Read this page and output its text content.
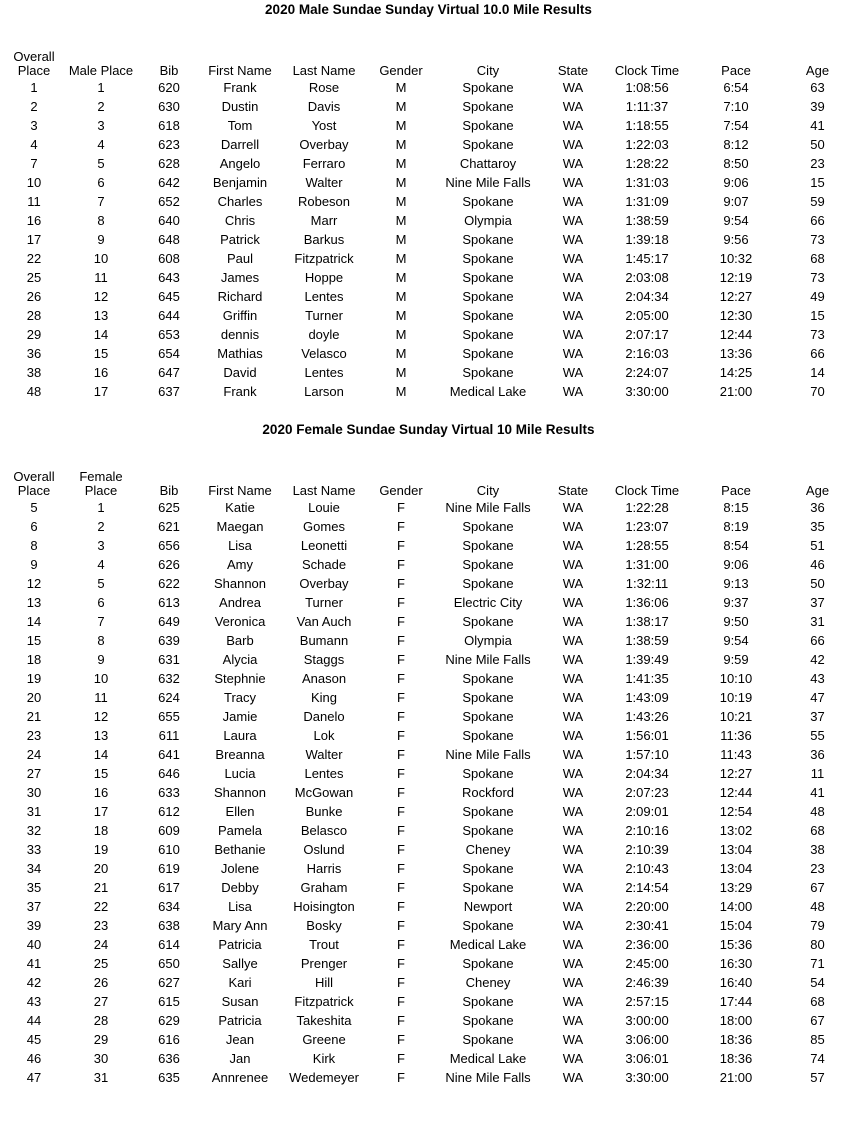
2020 Male Sundae Sunday Virtual 10.0 Mile Results
Overall Place	Male Place	Bib	First Name	Last Name	Gender	City	State	Clock Time	Pace	Age
1	1	620	Frank	Rose	M	Spokane	WA	1:08:56	6:54	63
2	2	630	Dustin	Davis	M	Spokane	WA	1:11:37	7:10	39
3	3	618	Tom	Yost	M	Spokane	WA	1:18:55	7:54	41
4	4	623	Darrell	Overbay	M	Spokane	WA	1:22:03	8:12	50
7	5	628	Angelo	Ferraro	M	Chattaroy	WA	1:28:22	8:50	23
10	6	642	Benjamin	Walter	M	Nine Mile Falls	WA	1:31:03	9:06	15
11	7	652	Charles	Robeson	M	Spokane	WA	1:31:09	9:07	59
16	8	640	Chris	Marr	M	Olympia	WA	1:38:59	9:54	66
17	9	648	Patrick	Barkus	M	Spokane	WA	1:39:18	9:56	73
22	10	608	Paul	Fitzpatrick	M	Spokane	WA	1:45:17	10:32	68
25	11	643	James	Hoppe	M	Spokane	WA	2:03:08	12:19	73
26	12	645	Richard	Lentes	M	Spokane	WA	2:04:34	12:27	49
28	13	644	Griffin	Turner	M	Spokane	WA	2:05:00	12:30	15
29	14	653	dennis	doyle	M	Spokane	WA	2:07:17	12:44	73
36	15	654	Mathias	Velasco	M	Spokane	WA	2:16:03	13:36	66
38	16	647	David	Lentes	M	Spokane	WA	2:24:07	14:25	14
48	17	637	Frank	Larson	M	Medical Lake	WA	3:30:00	21:00	70
2020 Female Sundae Sunday Virtual 10 Mile Results
Overall Place	Female Place	Bib	First Name	Last Name	Gender	City	State	Clock Time	Pace	Age
5	1	625	Katie	Louie	F	Nine Mile Falls	WA	1:22:28	8:15	36
6	2	621	Maegan	Gomes	F	Spokane	WA	1:23:07	8:19	35
8	3	656	Lisa	Leonetti	F	Spokane	WA	1:28:55	8:54	51
9	4	626	Amy	Schade	F	Spokane	WA	1:31:00	9:06	46
12	5	622	Shannon	Overbay	F	Spokane	WA	1:32:11	9:13	50
13	6	613	Andrea	Turner	F	Electric City	WA	1:36:06	9:37	37
14	7	649	Veronica	Van Auch	F	Spokane	WA	1:38:17	9:50	31
15	8	639	Barb	Bumann	F	Olympia	WA	1:38:59	9:54	66
18	9	631	Alycia	Staggs	F	Nine Mile Falls	WA	1:39:49	9:59	42
19	10	632	Stephnie	Anason	F	Spokane	WA	1:41:35	10:10	43
20	11	624	Tracy	King	F	Spokane	WA	1:43:09	10:19	47
21	12	655	Jamie	Danelo	F	Spokane	WA	1:43:26	10:21	37
23	13	611	Laura	Lok	F	Spokane	WA	1:56:01	11:36	55
24	14	641	Breanna	Walter	F	Nine Mile Falls	WA	1:57:10	11:43	36
27	15	646	Lucia	Lentes	F	Spokane	WA	2:04:34	12:27	11
30	16	633	Shannon	McGowan	F	Rockford	WA	2:07:23	12:44	41
31	17	612	Ellen	Bunke	F	Spokane	WA	2:09:01	12:54	48
32	18	609	Pamela	Belasco	F	Spokane	WA	2:10:16	13:02	68
33	19	610	Bethanie	Oslund	F	Cheney	WA	2:10:39	13:04	38
34	20	619	Jolene	Harris	F	Spokane	WA	2:10:43	13:04	23
35	21	617	Debby	Graham	F	Spokane	WA	2:14:54	13:29	67
37	22	634	Lisa	Hoisington	F	Newport	WA	2:20:00	14:00	48
39	23	638	Mary Ann	Bosky	F	Spokane	WA	2:30:41	15:04	79
40	24	614	Patricia	Trout	F	Medical Lake	WA	2:36:00	15:36	80
41	25	650	Sallye	Prenger	F	Spokane	WA	2:45:00	16:30	71
42	26	627	Kari	Hill	F	Cheney	WA	2:46:39	16:40	54
43	27	615	Susan	Fitzpatrick	F	Spokane	WA	2:57:15	17:44	68
44	28	629	Patricia	Takeshita	F	Spokane	WA	3:00:00	18:00	67
45	29	616	Jean	Greene	F	Spokane	WA	3:06:00	18:36	85
46	30	636	Jan	Kirk	F	Medical Lake	WA	3:06:01	18:36	74
47	31	635	Annrenee	Wedemeyer	F	Nine Mile Falls	WA	3:30:00	21:00	57
